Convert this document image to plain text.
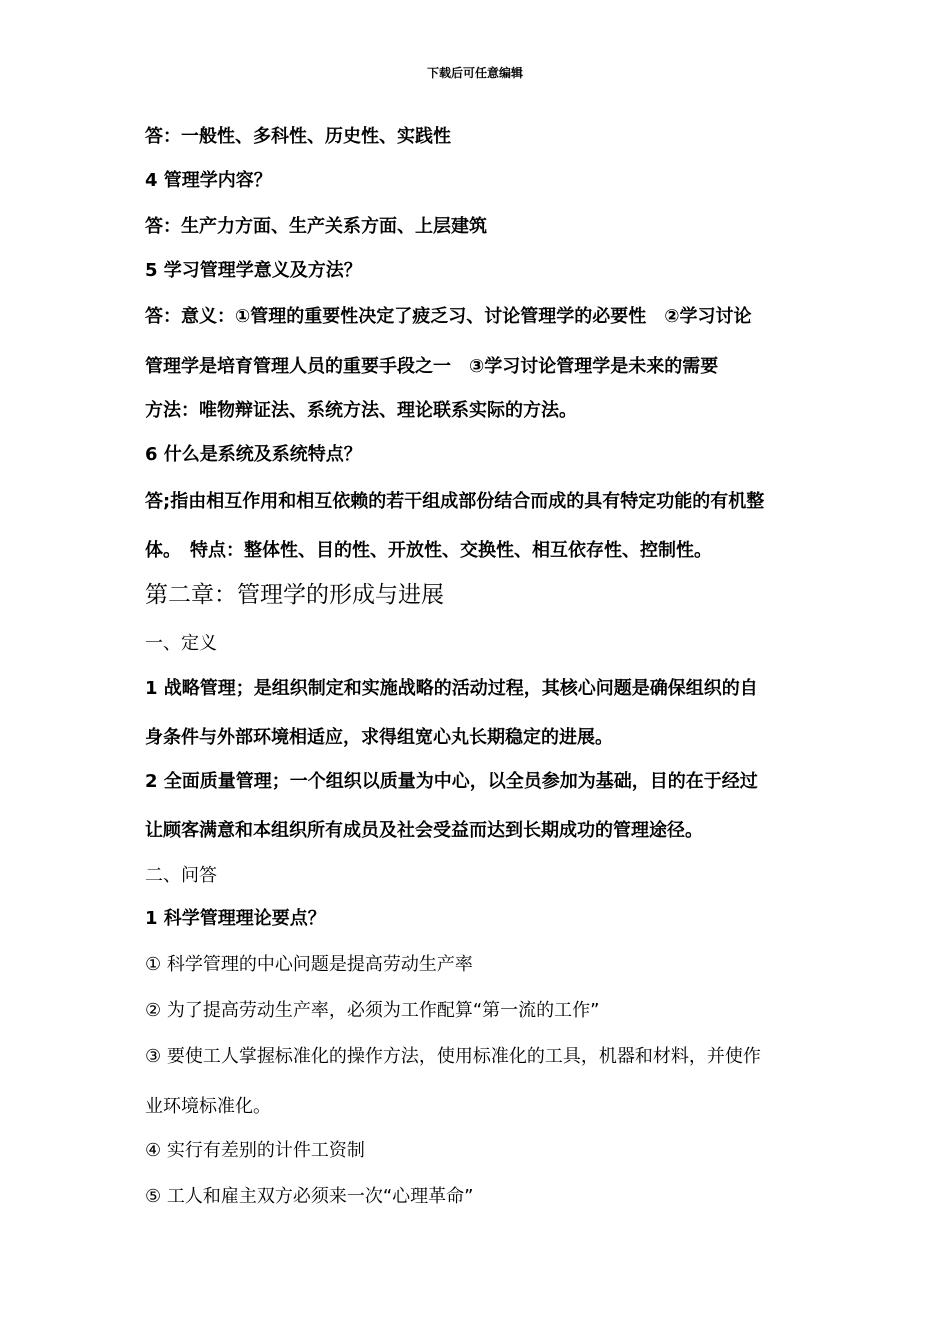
下载后可任意编辑
答：一般性、多科性、历史性、实践性
4 管理学内容？
答：生产力方面、生产关系方面、上层建筑
5 学习管理学意义及方法？
答：意义：①管理的重要性决定了疲乏习、讨论管理学的必要性　②学习讨论
管理学是培育管理人员的重要手段之一　③学习讨论管理学是未来的需要
方法：唯物辩证法、系统方法、理论联系实际的方法。
6 什么是系统及系统特点？
答;指由相互作用和相互依赖的若干组成部份结合而成的具有特定功能的有机整
体。　特点：整体性、目的性、开放性、交换性、相互依存性、控制性。
第二章：管理学的形成与进展
一、定义
1 战略管理；是组织制定和实施战略的活动过程，其核心问题是确保组织的自
身条件与外部环境相适应，求得组宽心丸长期稳定的进展。
2 全面质量管理；一个组织以质量为中心，以全员参加为基础，目的在于经过
让顾客满意和本组织所有成员及社会受益而达到长期成功的管理途径。
二、问答
1 科学管理理论要点？
① 科学管理的中心问题是提高劳动生产率
② 为了提高劳动生产率，必须为工作配算“第一流的工作”
③ 要使工人掌握标准化的操作方法，使用标准化的工具，机器和材料，并使作
业环境标准化。
④ 实行有差别的计件工资制
⑤ 工人和雇主双方必须来一次“心理革命”
